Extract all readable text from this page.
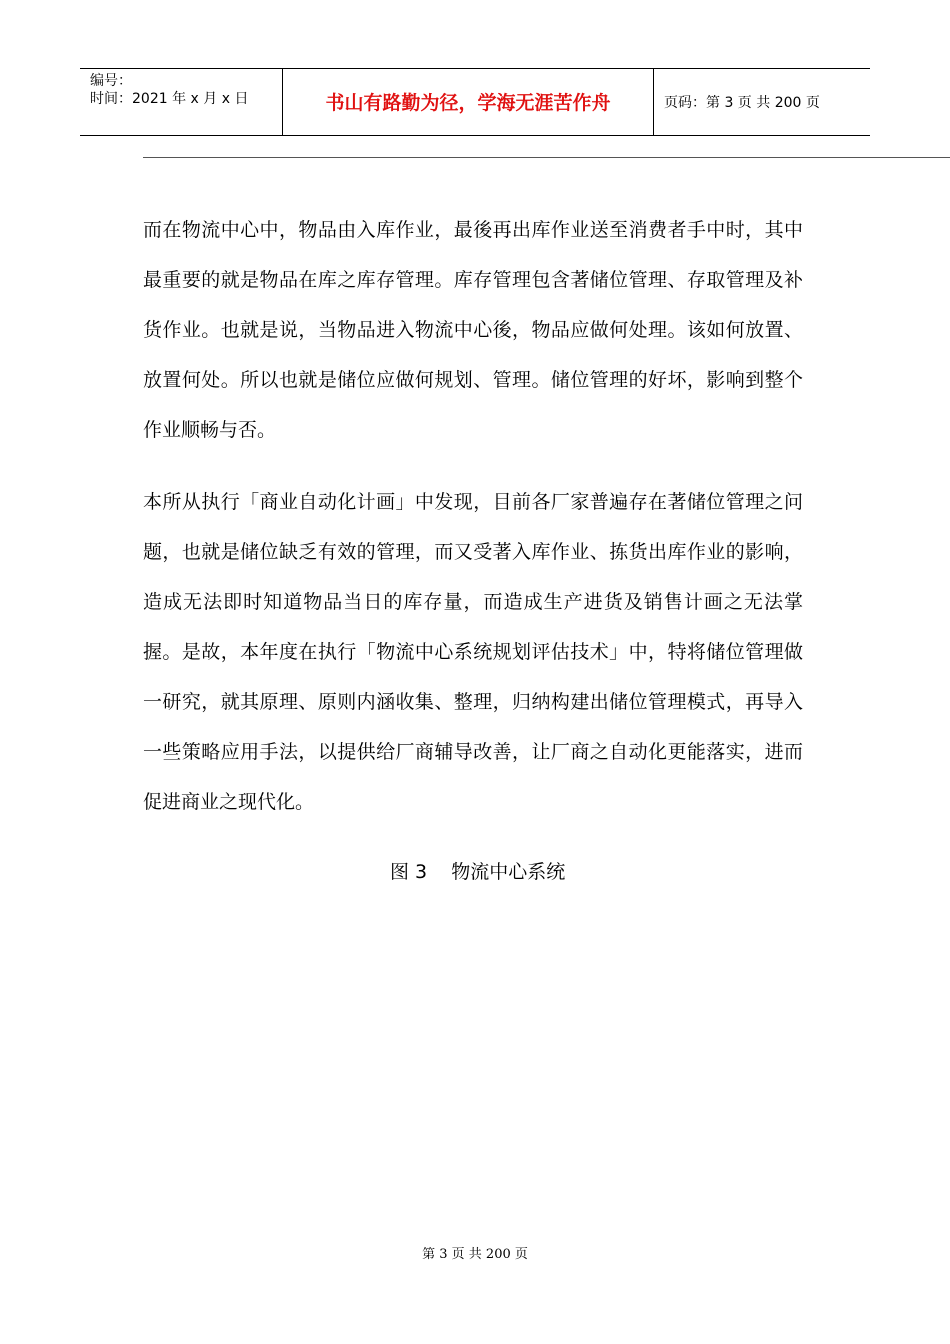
编号：
时间：2021 年 x 月 x 日	书山有路勤为径，学海无涯苦作舟	页码：第 3 页 共 200 页

而在物流中心中，物品由入库作业，最後再出库作业送至消费者手中时，其中最重要的就是物品在库之库存管理。库存管理包含著储位管理、存取管理及补货作业。也就是说，当物品进入物流中心後，物品应做何处理。该如何放置、放置何处。所以也就是储位应做何规划、管理。储位管理的好坏，影响到整个作业顺畅与否。

本所从执行「商业自动化计画」中发现，目前各厂家普遍存在著储位管理之问题，也就是储位缺乏有效的管理，而又受著入库作业、拣货出库作业的影响，造成无法即时知道物品当日的库存量，而造成生产进货及销售计画之无法掌握。是故，本年度在执行「物流中心系统规划评估技术」中，特将储位管理做一研究，就其原理、原则内涵收集、整理，归纳构建出储位管理模式，再导入一些策略应用手法，以提供给厂商辅导改善，让厂商之自动化更能落实，进而促进商业之现代化。

图 3    物流中心系统
第 3 页 共 200 页
